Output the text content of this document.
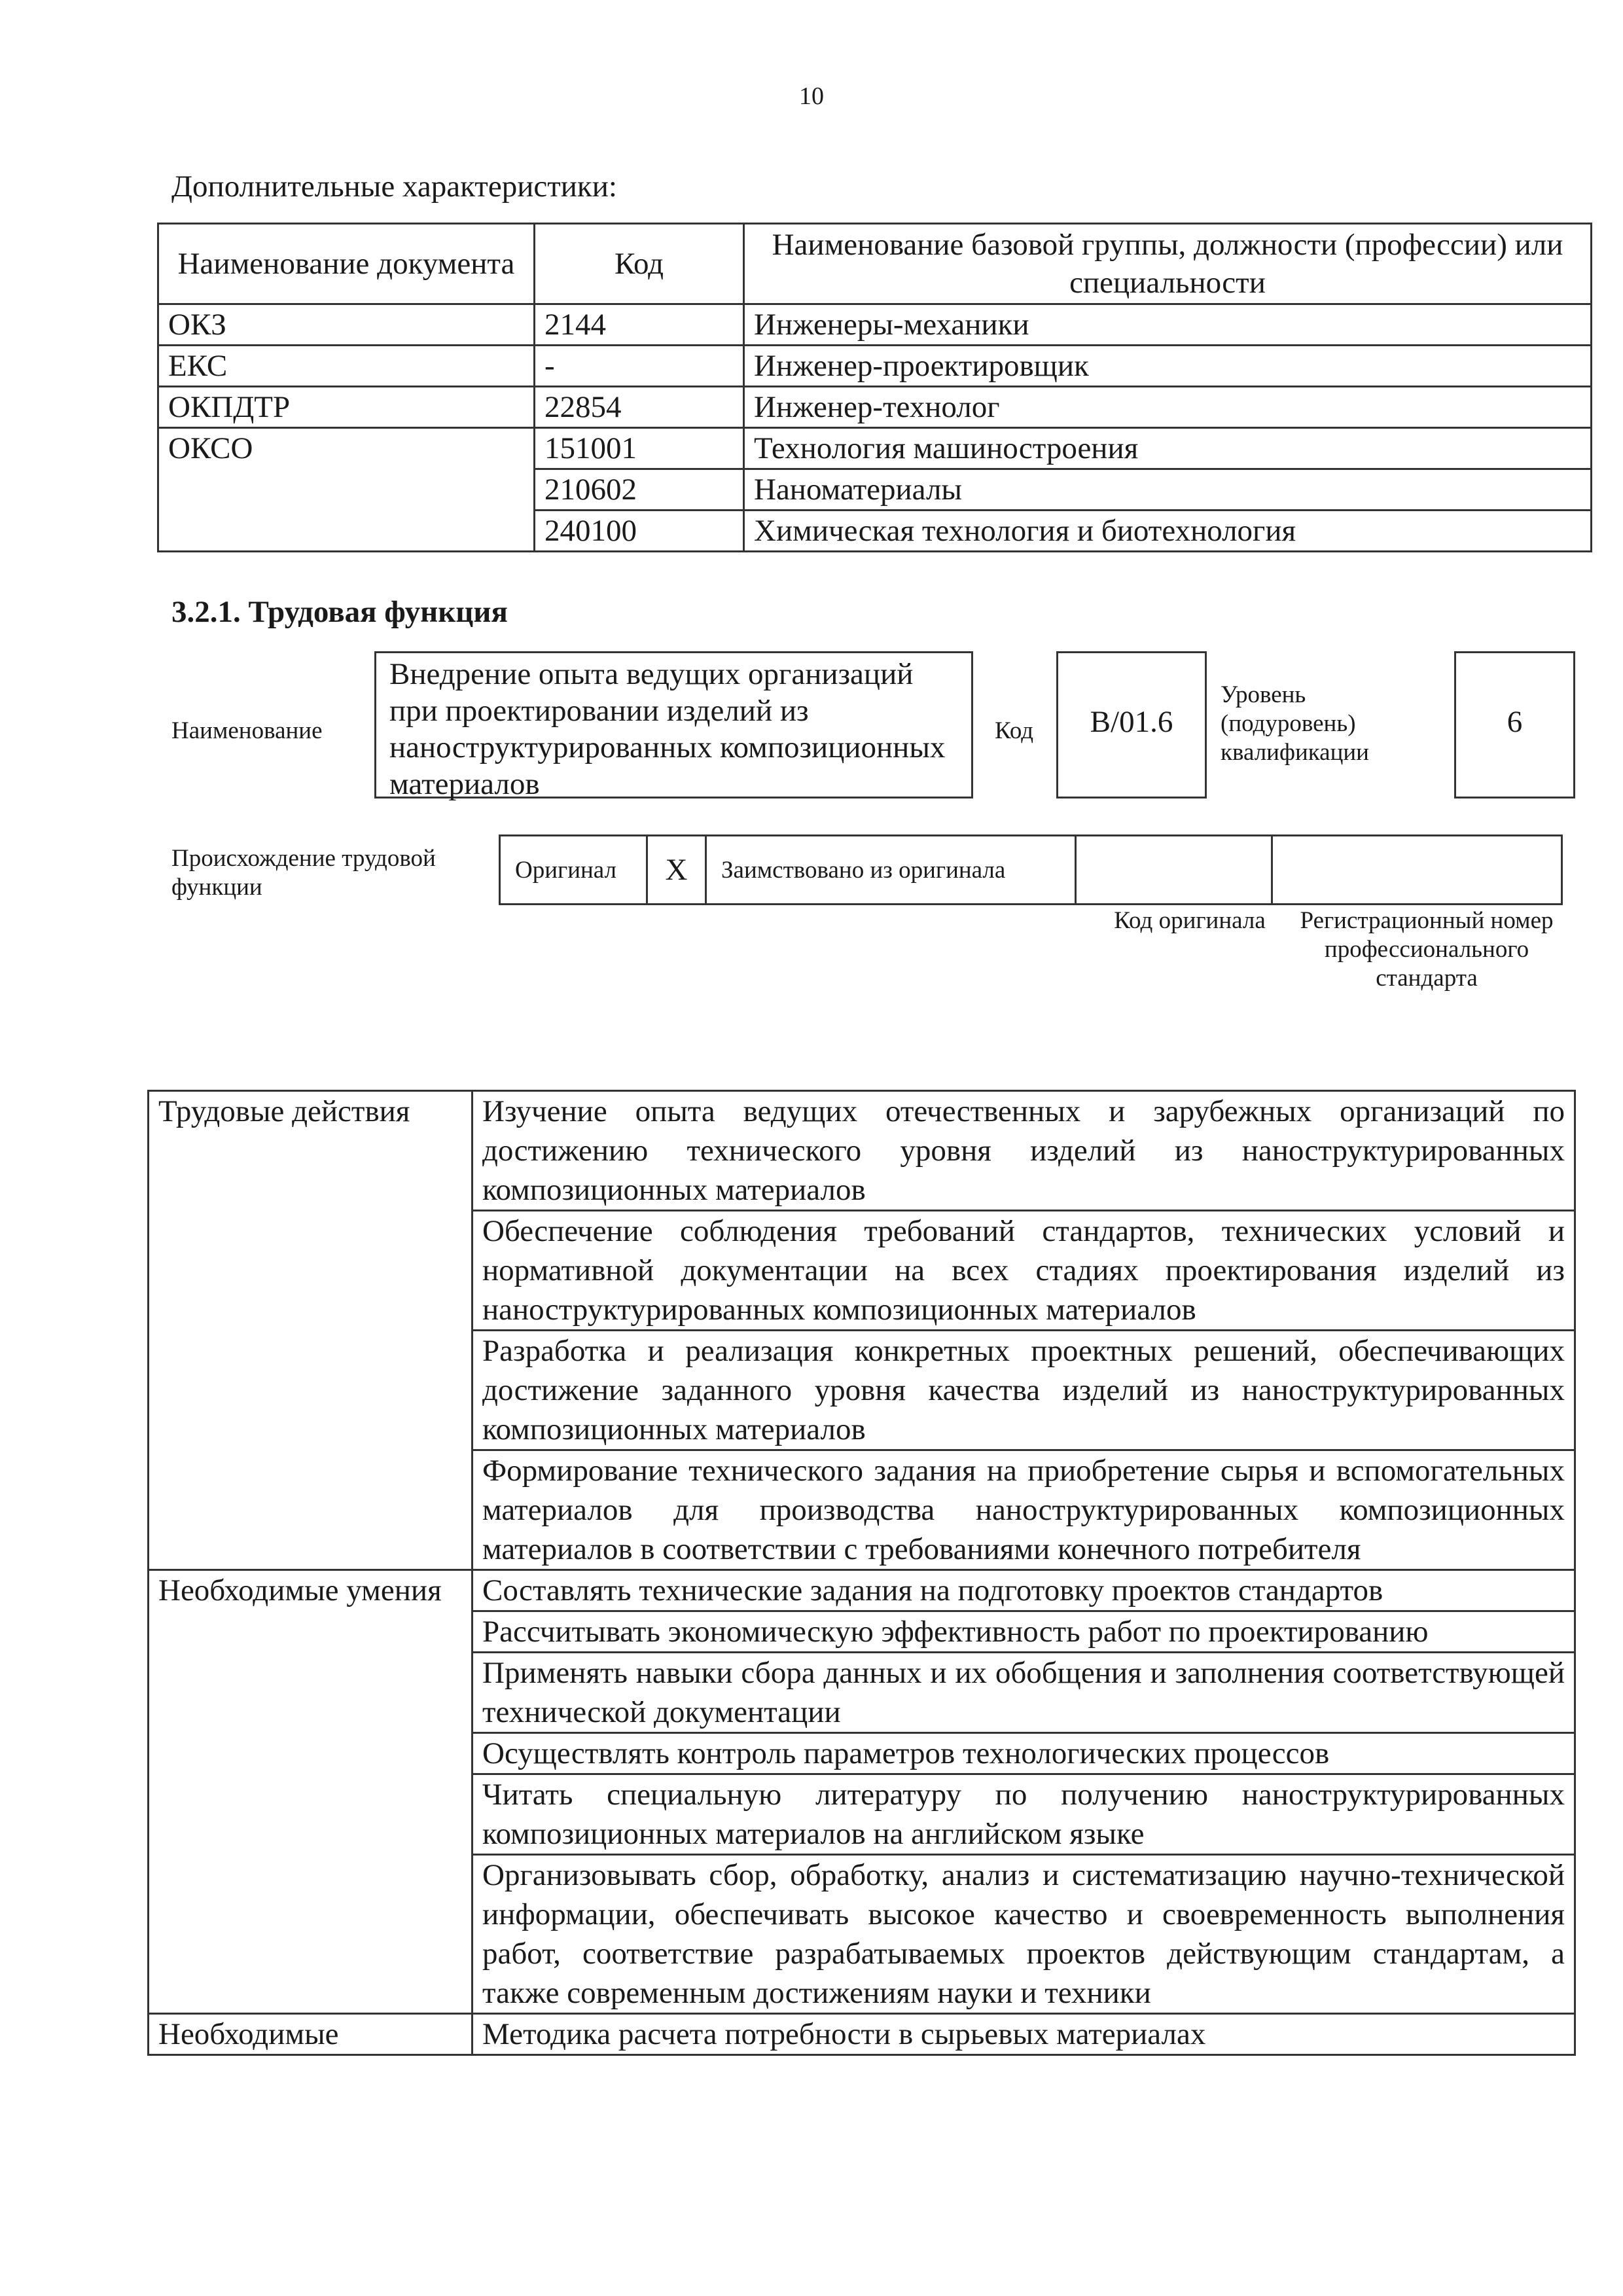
10
Дополнительные характеристики:
Наименование документа	Код	Наименование базовой группы, должности (профессии) или специальности
ОКЗ	2144	Инженеры-механики
ЕКС	-	Инженер-проектировщик
ОКПДТР	22854	Инженер-технолог
ОКСО	151001	Технология машиностроения
	210602	Наноматериалы
	240100	Химическая технология и биотехнология
3.2.1. Трудовая функция
Наименование
Внедрение опыта ведущих организаций при проектировании изделий из наноструктурированных композиционных материалов
Код	В/01.6
Уровень (подуровень) квалификации
6
Происхождение трудовой функции
Оригинал	X	Заимствовано из оригинала
Код оригинала	Регистрационный номер профессионального стандарта
Трудовые действия	Изучение опыта ведущих отечественных и зарубежных организаций по достижению технического уровня изделий из наноструктурированных композиционных материалов
	Обеспечение соблюдения требований стандартов, технических условий и нормативной документации на всех стадиях проектирования изделий из наноструктурированных композиционных материалов
	Разработка и реализация конкретных проектных решений, обеспечивающих достижение заданного уровня качества изделий из наноструктурированных композиционных материалов
	Формирование технического задания на приобретение сырья и вспомогательных материалов для производства наноструктурированных композиционных материалов в соответствии с требованиями конечного потребителя
Необходимые умения	Составлять технические задания на подготовку проектов стандартов
	Рассчитывать экономическую эффективность работ по проектированию
	Применять навыки сбора данных и их обобщения и заполнения соответствующей технической документации
	Осуществлять контроль параметров технологических процессов
	Читать специальную литературу по получению наноструктурированных композиционных материалов на английском языке
	Организовывать сбор, обработку, анализ и систематизацию научно-технической информации, обеспечивать высокое качество и своевременность выполнения работ, соответствие разрабатываемых проектов действующим стандартам, а также современным достижениям науки и техники
Необходимые	Методика расчета потребности в сырьевых материалах
